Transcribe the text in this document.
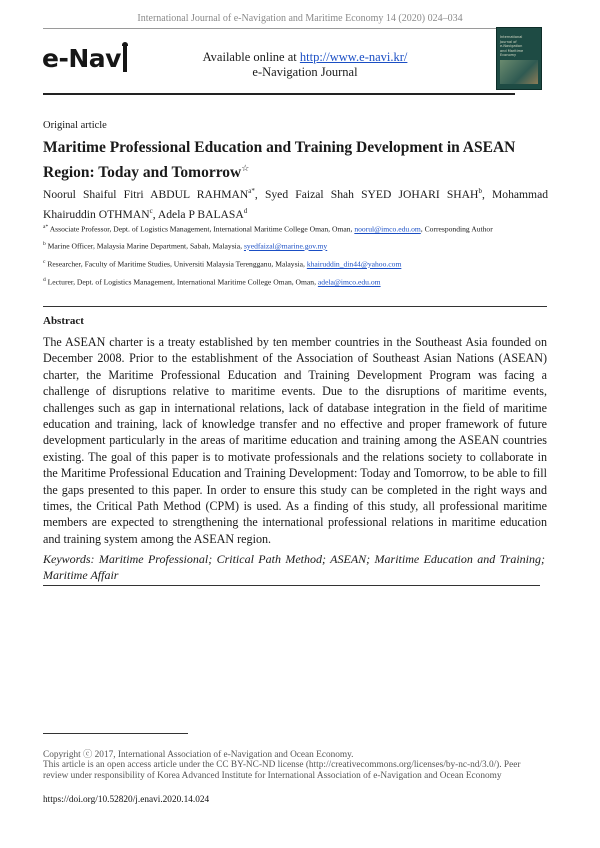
International Journal of e-Navigation and Maritime Economy 14 (2020) 024–034
e-Nav	Available online at http://www.e-navi.kr/
e-Navigation Journal
International
Journal of
e-Navigation
and Maritime
Economy
Original article
Maritime Professional Education and Training Development in ASEAN Region: Today and Tomorrow☆
Noorul Shaiful Fitri ABDUL $RAHMAN^{a*}$, Syed Faizal Shah SYED JOHARI SHAH$^b$, Mohammad Khairuddin OTHMAN$^c$, Adela P BALASA$^d$
$^{a*}$ Associate Professor, Dept. of Logistics Management, International Maritime College Oman, Oman, noorul@imco.edu.om, Corresponding Author
$^b$ Marine Officer, Malaysia Marine Department, Sabah, Malaysia, syedfaizal@marine.gov.my
$^c$ Researcher, Faculty of Maritime Studies, Universiti Malaysia Terengganu, Malaysia, khairuddin_din44@yahoo.com
$^d$ Lecturer, Dept. of Logistics Management, International Maritime College Oman, Oman, adela@imco.edu.om
Abstract
The ASEAN charter is a treaty established by ten member countries in the Southeast Asia founded on December 2008. Prior to the establishment of the Association of Southeast Asian Nations (ASEAN) charter, the Maritime Professional Education and Training Development Program was facing a challenge of disruptions relative to maritime events. Due to the disruptions of maritime events, challenges such as gap in international relations, lack of database integration in the field of maritime education and training, lack of knowledge transfer and no effective and proper framework of future development particularly in the areas of maritime education and training among the ASEAN countries existing. The goal of this paper is to motivate professionals and the relations society to collaborate in the Maritime Professional Education and Training Development: Today and Tomorrow, to be able to fill the gaps presented to this paper. In order to ensure this study can be completed in the right ways and times, the Critical Path Method (CPM) is used. As a finding of this study, all professional maritime members are expected to strengthening the international professional relations in maritime education and training system among the ASEAN region.
Keywords: Maritime Professional; Critical Path Method; ASEAN; Maritime Education and Training; Maritime Affair
Copyright ⓒ 2017, International Association of e-Navigation and Ocean Economy.
This article is an open access article under the CC BY-NC-ND license (http://creativecommons.org/licenses/by-nc-nd/3.0/). Peer review under responsibility of Korea Advanced Institute for International Association of e-Navigation and Ocean Economy
https://doi.org/10.52820/j.enavi.2020.14.024
